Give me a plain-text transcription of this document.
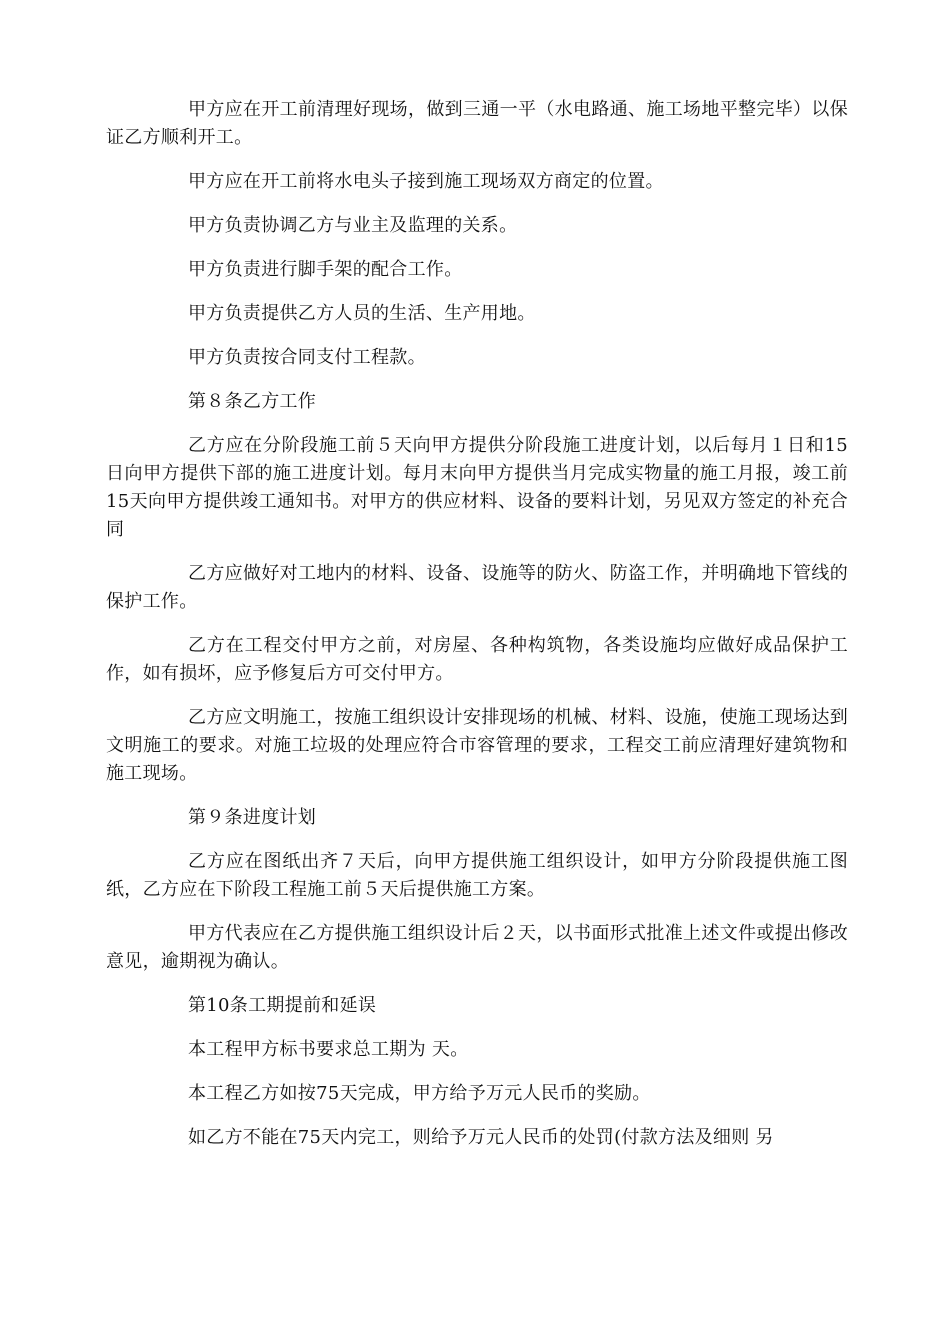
甲方应在开工前清理好现场，做到三通一平（水电路通、施工场地平整完毕）以保证乙方顺利开工。

甲方应在开工前将水电头子接到施工现场双方商定的位置。

甲方负责协调乙方与业主及监理的关系。

甲方负责进行脚手架的配合工作。

甲方负责提供乙方人员的生活、生产用地。

甲方负责按合同支付工程款。

第８条乙方工作

乙方应在分阶段施工前５天向甲方提供分阶段施工进度计划，以后每月１日和15日向甲方提供下部的施工进度计划。每月末向甲方提供当月完成实物量的施工月报，竣工前15天向甲方提供竣工通知书。对甲方的供应材料、设备的要料计划，另见双方签定的补充合同

乙方应做好对工地内的材料、设备、设施等的防火、防盗工作，并明确地下管线的保护工作。

乙方在工程交付甲方之前，对房屋、各种构筑物，各类设施均应做好成品保护工作，如有损坏，应予修复后方可交付甲方。

乙方应文明施工，按施工组织设计安排现场的机械、材料、设施，使施工现场达到文明施工的要求。对施工垃圾的处理应符合市容管理的要求，工程交工前应清理好建筑物和施工现场。

第９条进度计划

乙方应在图纸出齐７天后，向甲方提供施工组织设计，如甲方分阶段提供施工图纸，乙方应在下阶段工程施工前５天后提供施工方案。

甲方代表应在乙方提供施工组织设计后２天，以书面形式批准上述文件或提出修改意见，逾期视为确认。

第10条工期提前和延误

本工程甲方标书要求总工期为 天。

本工程乙方如按75天完成，甲方给予万元人民币的奖励。

如乙方不能在75天内完工，则给予万元人民币的处罚(付款方法及细则 另
